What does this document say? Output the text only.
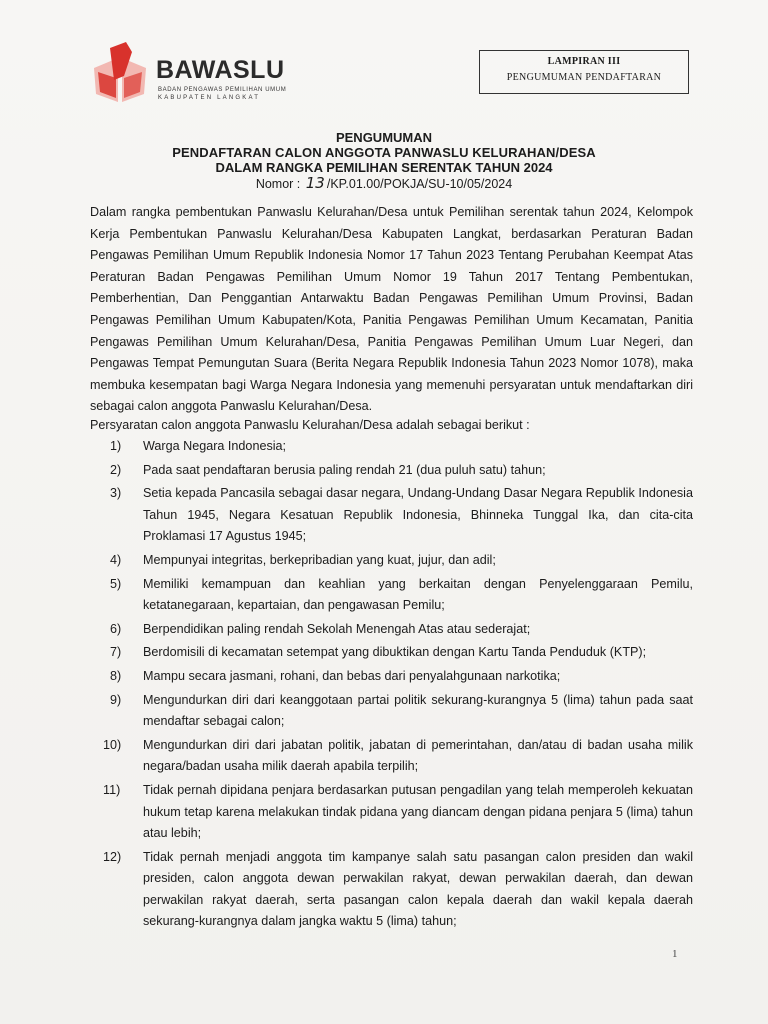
BAWASLU
BADAN PENGAWAS PEMILIHAN UMUM
KABUPATEN LANGKAT
LAMPIRAN III
PENGUMUMAN PENDAFTARAN
PENGUMUMAN
PENDAFTARAN CALON ANGGOTA PANWASLU KELURAHAN/DESA
DALAM RANGKA PEMILIHAN SERENTAK TAHUN 2024
Nomor : 13 /KP.01.00/POKJA/SU-10/05/2024
Dalam rangka pembentukan Panwaslu Kelurahan/Desa untuk Pemilihan serentak tahun 2024, Kelompok Kerja Pembentukan Panwaslu Kelurahan/Desa Kabupaten Langkat, berdasarkan Peraturan Badan Pengawas Pemilihan Umum Republik Indonesia Nomor 17 Tahun 2023 Tentang Perubahan Keempat Atas Peraturan Badan Pengawas Pemilihan Umum Nomor 19 Tahun 2017 Tentang Pembentukan, Pemberhentian, Dan Penggantian Antarwaktu Badan Pengawas Pemilihan Umum Provinsi, Badan Pengawas Pemilihan Umum Kabupaten/Kota, Panitia Pengawas Pemilihan Umum Kecamatan, Panitia Pengawas Pemilihan Umum Kelurahan/Desa, Panitia Pengawas Pemilihan Umum Luar Negeri, dan Pengawas Tempat Pemungutan Suara (Berita Negara Republik Indonesia Tahun 2023 Nomor 1078), maka membuka kesempatan bagi Warga Negara Indonesia yang memenuhi persyaratan untuk mendaftarkan diri sebagai calon anggota Panwaslu Kelurahan/Desa.
Persyaratan calon anggota Panwaslu Kelurahan/Desa adalah sebagai berikut :
1) Warga Negara Indonesia;
2) Pada saat pendaftaran berusia paling rendah 21 (dua puluh satu) tahun;
3) Setia kepada Pancasila sebagai dasar negara, Undang-Undang Dasar Negara Republik Indonesia Tahun 1945, Negara Kesatuan Republik Indonesia, Bhinneka Tunggal Ika, dan cita-cita Proklamasi 17 Agustus 1945;
4) Mempunyai integritas, berkepribadian yang kuat, jujur, dan adil;
5) Memiliki kemampuan dan keahlian yang berkaitan dengan Penyelenggaraan Pemilu, ketatanegaraan, kepartaian, dan pengawasan Pemilu;
6) Berpendidikan paling rendah Sekolah Menengah Atas atau sederajat;
7) Berdomisili di kecamatan setempat yang dibuktikan dengan Kartu Tanda Penduduk (KTP);
8) Mampu secara jasmani, rohani, dan bebas dari penyalahgunaan narkotika;
9) Mengundurkan diri dari keanggotaan partai politik sekurang-kurangnya 5 (lima) tahun pada saat mendaftar sebagai calon;
10) Mengundurkan diri dari jabatan politik, jabatan di pemerintahan, dan/atau di badan usaha milik negara/badan usaha milik daerah apabila terpilih;
11) Tidak pernah dipidana penjara berdasarkan putusan pengadilan yang telah memperoleh kekuatan hukum tetap karena melakukan tindak pidana yang diancam dengan pidana penjara 5 (lima) tahun atau lebih;
12) Tidak pernah menjadi anggota tim kampanye salah satu pasangan calon presiden dan wakil presiden, calon anggota dewan perwakilan rakyat, dewan perwakilan daerah, dan dewan perwakilan rakyat daerah, serta pasangan calon kepala daerah dan wakil kepala daerah sekurang-kurangnya dalam jangka waktu 5 (lima) tahun;
1
